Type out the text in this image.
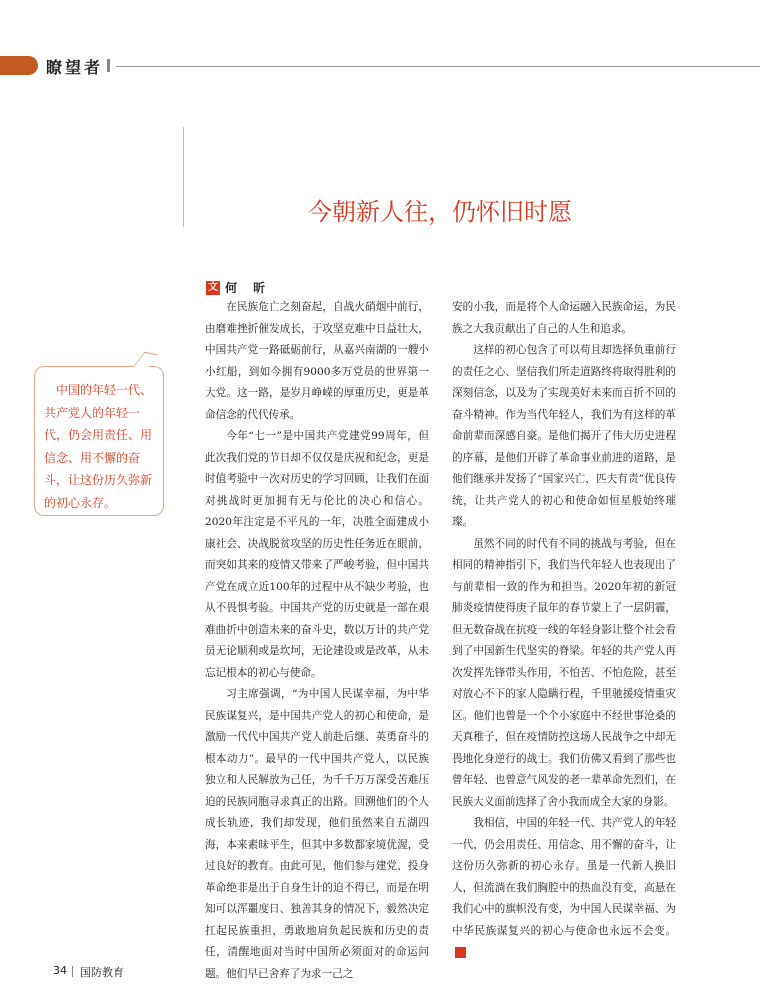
瞭望者
今朝新人往，仍怀旧时愿
文 何 昕

在民族危亡之刻奋起，自战火硝烟中前行，由磨难挫折催发成长，于攻坚克难中日益壮大，中国共产党一路砥砺前行，从嘉兴南湖的一艘小小红船，到如今拥有9000多万党员的世界第一大党。这一路，是岁月峥嵘的厚重历史，更是革命信念的代代传承。

今年“七一”是中国共产党建党99周年，但此次我们党的节日却不仅仅是庆祝和纪念，更是时值考验中一次对历史的学习回顾，让我们在面对挑战时更加拥有无与伦比的决心和信心。2020年注定是不平凡的一年，决胜全面建成小康社会、决战脱贫攻坚的历史性任务近在眼前，而突如其来的疫情又带来了严峻考验，但中国共产党在成立近100年的过程中从不缺少考验，也从不畏惧考验。中国共产党的历史就是一部在艰难曲折中创造未来的奋斗史，数以万计的共产党员无论顺利或是坎坷，无论建设或是改革，从未忘记根本的初心与使命。

习主席强调，“为中国人民谋幸福，为中华民族谋复兴，是中国共产党人的初心和使命，是激励一代代中国共产党人前赴后继、英勇奋斗的根本动力”。最早的一代中国共产党人，以民族独立和人民解放为己任，为千千万万深受苦难压迫的民族同胞寻求真正的出路。回溯他们的个人成长轨迹，我们却发现，他们虽然来自五湖四海，本来素昧平生，但其中多数都家境优渥，受过良好的教育。由此可见，他们参与建党、投身革命绝非是出于自身生计的迫不得已，而是在明知可以浑噩度日、独善其身的情况下，毅然决定扛起民族重担，勇敢地肩负起民族和历史的责任，清醒地面对当时中国所必须面对的命运问题。他们早已舍弃了为求一己之

安的小我，而是将个人命运融入民族命运，为民族之大我贡献出了自己的人生和追求。

这样的初心包含了可以苟且却选择负重前行的责任之心、坚信我们所走道路终将取得胜利的深刻信念，以及为了实现美好未来而百折不回的奋斗精神。作为当代年轻人，我们为有这样的革命前辈而深感自豪。是他们揭开了伟大历史进程的序幕，是他们开辟了革命事业前进的道路，是他们继承并发扬了“国家兴亡，匹夫有责”优良传统，让共产党人的初心和使命如恒星般始终璀璨。

虽然不同的时代有不同的挑战与考验，但在相同的精神指引下，我们当代年轻人也表现出了与前辈相一致的作为和担当。2020年初的新冠肺炎疫情使得庚子鼠年的春节蒙上了一层阴霾，但无数奋战在抗疫一线的年轻身影让整个社会看到了中国新生代坚实的脊梁。年轻的共产党人再次发挥先锋带头作用，不怕苦、不怕危险，甚至对放心不下的家人隐瞒行程，千里驰援疫情重灾区。他们也曾是一个个小家庭中不经世事沧桑的天真稚子，但在疫情防控这场人民战争之中却无畏地化身逆行的战士。我们仿佛又看到了那些也曾年轻、也曾意气风发的老一辈革命先烈们，在民族大义面前选择了舍小我而成全大家的身影。

我相信，中国的年轻一代、共产党人的年轻一代，仍会用责任、用信念、用不懈的奋斗，让这份历久弥新的初心永存。虽是一代新人换旧人，但流淌在我们胸腔中的热血没有变，高悬在我们心中的旗帜没有变，为中国人民谋幸福、为中华民族谋复兴的初心与使命也永远不会变。G

中国的年轻一代、共产党人的年轻一代，仍会用责任、用信念、用不懈的奋斗，让这份历久弥新的初心永存。
34 国防教育
